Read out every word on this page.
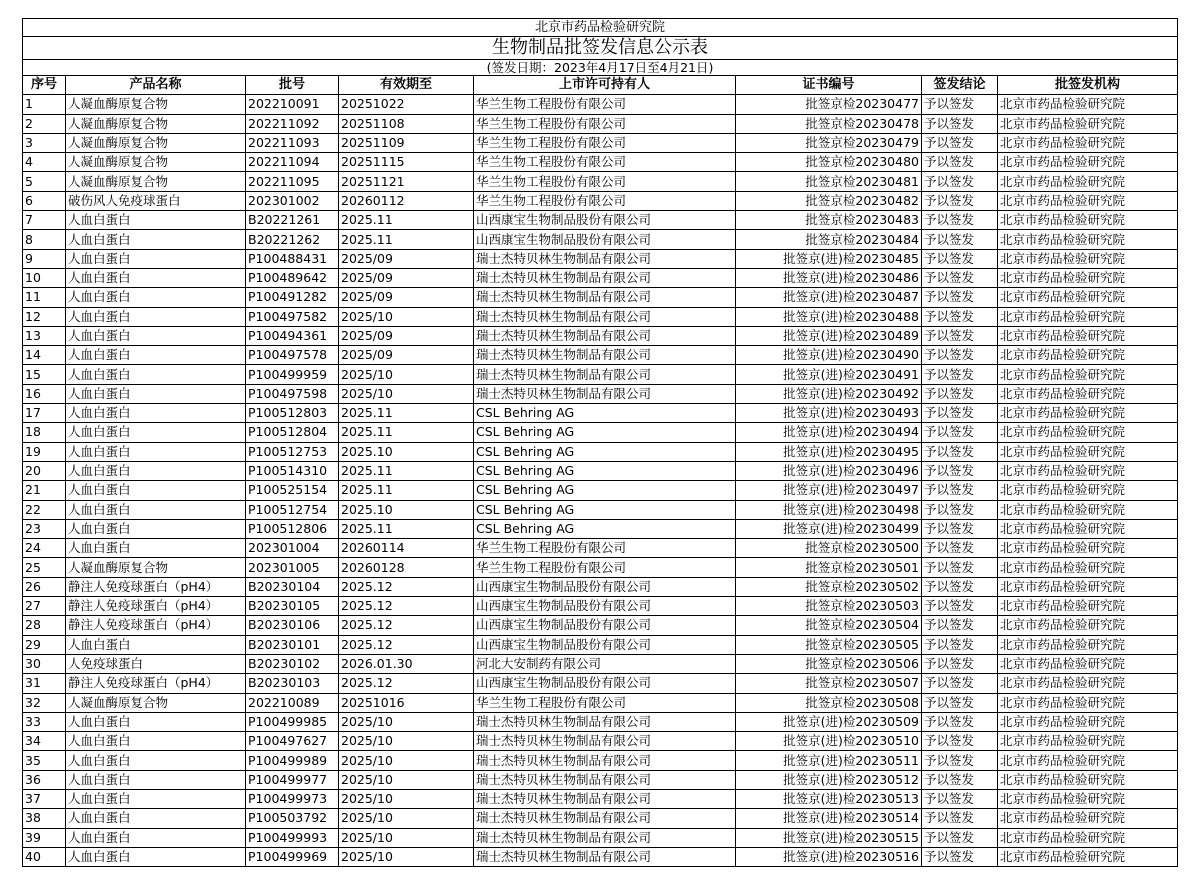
北京市药品检验研究院							
生物制品批签发信息公示表							
(签发日期：2023年4月17日至4月21日)							
序号	产品名称	批号	有效期至	上市许可持有人	证书编号	签发结论	批签发机构
1	人凝血酶原复合物	202210091	20251022	华兰生物工程股份有限公司	批签京检20230477	予以签发	北京市药品检验研究院
2	人凝血酶原复合物	202211092	20251108	华兰生物工程股份有限公司	批签京检20230478	予以签发	北京市药品检验研究院
3	人凝血酶原复合物	202211093	20251109	华兰生物工程股份有限公司	批签京检20230479	予以签发	北京市药品检验研究院
4	人凝血酶原复合物	202211094	20251115	华兰生物工程股份有限公司	批签京检20230480	予以签发	北京市药品检验研究院
5	人凝血酶原复合物	202211095	20251121	华兰生物工程股份有限公司	批签京检20230481	予以签发	北京市药品检验研究院
6	破伤风人免疫球蛋白	202301002	20260112	华兰生物工程股份有限公司	批签京检20230482	予以签发	北京市药品检验研究院
7	人血白蛋白	B20221261	2025.11	山西康宝生物制品股份有限公司	批签京检20230483	予以签发	北京市药品检验研究院
8	人血白蛋白	B20221262	2025.11	山西康宝生物制品股份有限公司	批签京检20230484	予以签发	北京市药品检验研究院
9	人血白蛋白	P100488431	2025/09	瑞士杰特贝林生物制品有限公司	批签京(进)检20230485	予以签发	北京市药品检验研究院
10	人血白蛋白	P100489642	2025/09	瑞士杰特贝林生物制品有限公司	批签京(进)检20230486	予以签发	北京市药品检验研究院
11	人血白蛋白	P100491282	2025/09	瑞士杰特贝林生物制品有限公司	批签京(进)检20230487	予以签发	北京市药品检验研究院
12	人血白蛋白	P100497582	2025/10	瑞士杰特贝林生物制品有限公司	批签京(进)检20230488	予以签发	北京市药品检验研究院
13	人血白蛋白	P100494361	2025/09	瑞士杰特贝林生物制品有限公司	批签京(进)检20230489	予以签发	北京市药品检验研究院
14	人血白蛋白	P100497578	2025/09	瑞士杰特贝林生物制品有限公司	批签京(进)检20230490	予以签发	北京市药品检验研究院
15	人血白蛋白	P100499959	2025/10	瑞士杰特贝林生物制品有限公司	批签京(进)检20230491	予以签发	北京市药品检验研究院
16	人血白蛋白	P100497598	2025/10	瑞士杰特贝林生物制品有限公司	批签京(进)检20230492	予以签发	北京市药品检验研究院
17	人血白蛋白	P100512803	2025.11	CSL Behring AG	批签京(进)检20230493	予以签发	北京市药品检验研究院
18	人血白蛋白	P100512804	2025.11	CSL Behring AG	批签京(进)检20230494	予以签发	北京市药品检验研究院
19	人血白蛋白	P100512753	2025.10	CSL Behring AG	批签京(进)检20230495	予以签发	北京市药品检验研究院
20	人血白蛋白	P100514310	2025.11	CSL Behring AG	批签京(进)检20230496	予以签发	北京市药品检验研究院
21	人血白蛋白	P100525154	2025.11	CSL Behring AG	批签京(进)检20230497	予以签发	北京市药品检验研究院
22	人血白蛋白	P100512754	2025.10	CSL Behring AG	批签京(进)检20230498	予以签发	北京市药品检验研究院
23	人血白蛋白	P100512806	2025.11	CSL Behring AG	批签京(进)检20230499	予以签发	北京市药品检验研究院
24	人血白蛋白	202301004	20260114	华兰生物工程股份有限公司	批签京检20230500	予以签发	北京市药品检验研究院
25	人凝血酶原复合物	202301005	20260128	华兰生物工程股份有限公司	批签京检20230501	予以签发	北京市药品检验研究院
26	静注人免疫球蛋白（pH4）	B20230104	2025.12	山西康宝生物制品股份有限公司	批签京检20230502	予以签发	北京市药品检验研究院
27	静注人免疫球蛋白（pH4）	B20230105	2025.12	山西康宝生物制品股份有限公司	批签京检20230503	予以签发	北京市药品检验研究院
28	静注人免疫球蛋白（pH4）	B20230106	2025.12	山西康宝生物制品股份有限公司	批签京检20230504	予以签发	北京市药品检验研究院
29	人血白蛋白	B20230101	2025.12	山西康宝生物制品股份有限公司	批签京检20230505	予以签发	北京市药品检验研究院
30	人免疫球蛋白	B20230102	2026.01.30	河北大安制药有限公司	批签京检20230506	予以签发	北京市药品检验研究院
31	静注人免疫球蛋白（pH4）	B20230103	2025.12	山西康宝生物制品股份有限公司	批签京检20230507	予以签发	北京市药品检验研究院
32	人凝血酶原复合物	202210089	20251016	华兰生物工程股份有限公司	批签京检20230508	予以签发	北京市药品检验研究院
33	人血白蛋白	P100499985	2025/10	瑞士杰特贝林生物制品有限公司	批签京(进)检20230509	予以签发	北京市药品检验研究院
34	人血白蛋白	P100497627	2025/10	瑞士杰特贝林生物制品有限公司	批签京(进)检20230510	予以签发	北京市药品检验研究院
35	人血白蛋白	P100499989	2025/10	瑞士杰特贝林生物制品有限公司	批签京(进)检20230511	予以签发	北京市药品检验研究院
36	人血白蛋白	P100499977	2025/10	瑞士杰特贝林生物制品有限公司	批签京(进)检20230512	予以签发	北京市药品检验研究院
37	人血白蛋白	P100499973	2025/10	瑞士杰特贝林生物制品有限公司	批签京(进)检20230513	予以签发	北京市药品检验研究院
38	人血白蛋白	P100503792	2025/10	瑞士杰特贝林生物制品有限公司	批签京(进)检20230514	予以签发	北京市药品检验研究院
39	人血白蛋白	P100499993	2025/10	瑞士杰特贝林生物制品有限公司	批签京(进)检20230515	予以签发	北京市药品检验研究院
40	人血白蛋白	P100499969	2025/10	瑞士杰特贝林生物制品有限公司	批签京(进)检20230516	予以签发	北京市药品检验研究院
